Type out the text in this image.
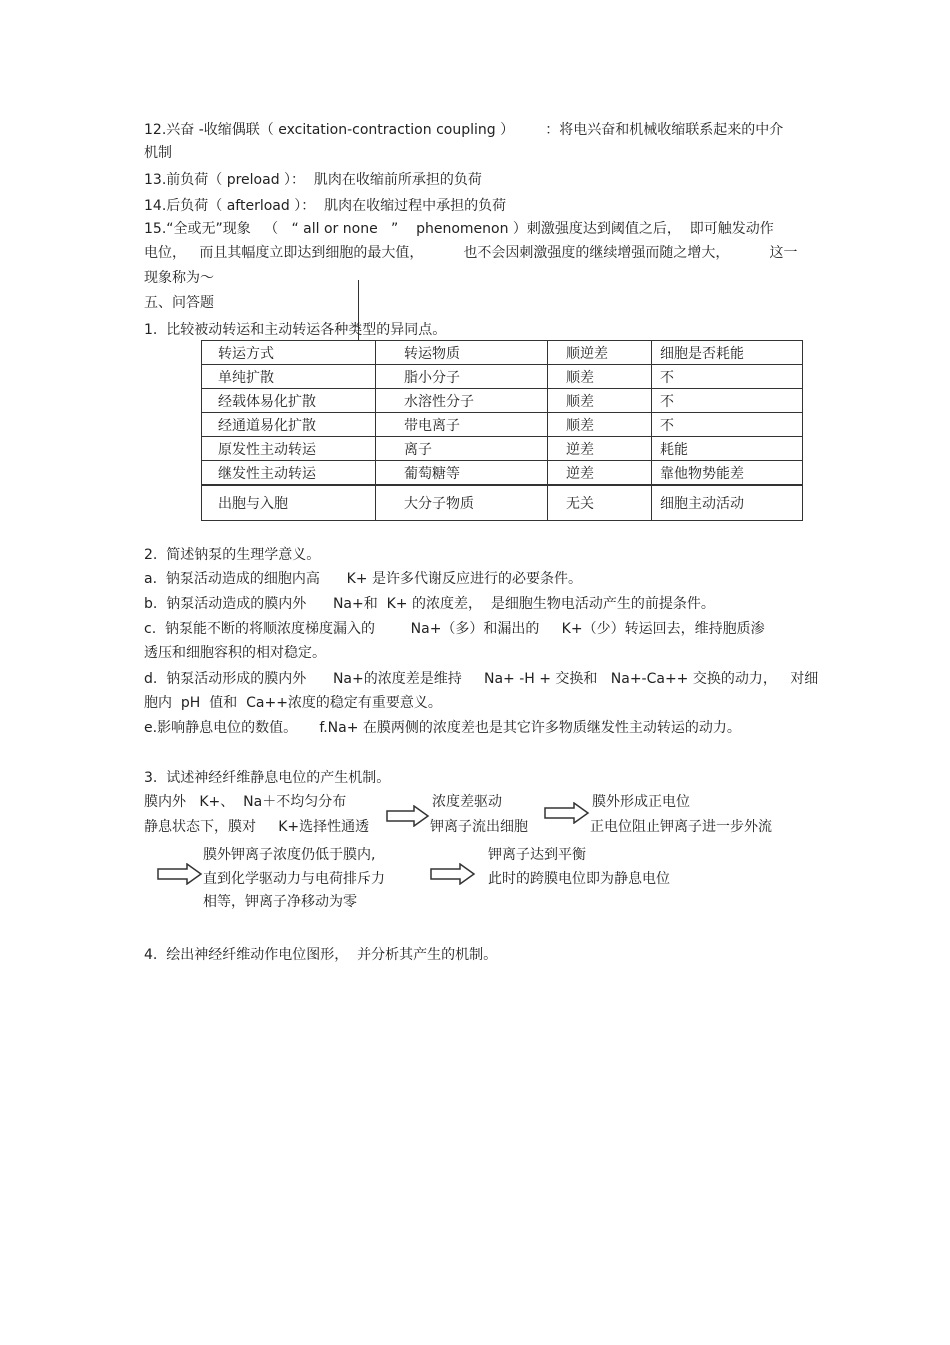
12.兴奋 -收缩偶联（ excitation-contraction coupling ）       ：将电兴奋和机械收缩联系起来的中介
机制
13.前负荷（ preload ）：  肌肉在收缩前所承担的负荷
14.后负荷（ afterload ）：  肌肉在收缩过程中承担的负荷
15.“全或无”现象   （   “ all or none   ”    phenomenon ）刺激强度达到阈值之后，  即可触发动作
电位，   而且其幅度立即达到细胞的最大值，         也不会因刺激强度的继续增强而随之增大，         这一
现象称为～
五、问答题
1.  比较被动转运和主动转运各种类型的异同点。
转运方式	转运物质	顺逆差	细胞是否耗能
单纯扩散	脂小分子	顺差	不
经载体易化扩散	水溶性分子	顺差	不
经通道易化扩散	带电离子	顺差	不
原发性主动转运	离子	逆差	耗能
继发性主动转运	葡萄糖等	逆差	靠他物势能差
出胞与入胞	大分子物质	无关	细胞主动活动
2.  简述钠泵的生理学意义。
a.  钠泵活动造成的细胞内高      K+ 是许多代谢反应进行的必要条件。
b.  钠泵活动造成的膜内外      Na+和  K+ 的浓度差，  是细胞生物电活动产生的前提条件。
c.  钠泵能不断的将顺浓度梯度漏入的        Na+（多）和漏出的     K+（少）转运回去，维持胞质渗
透压和细胞容积的相对稳定。
d.  钠泵活动形成的膜内外      Na+的浓度差是维持     Na+ -H + 交换和   Na+-Ca++ 交换的动力，   对细
胞内  pH  值和  Ca++浓度的稳定有重要意义。
e.影响静息电位的数值。     f.Na+ 在膜两侧的浓度差也是其它许多物质继发性主动转运的动力。
3.  试述神经纤维静息电位的产生机制。
膜内外   K+、  Na＋不均匀分布
静息状态下，膜对     K+选择性通透
浓度差驱动
钾离子流出细胞
膜外形成正电位
正电位阻止钾离子进一步外流
膜外钾离子浓度仍低于膜内,
直到化学驱动力与电荷排斥力
相等，钾离子净移动为零
钾离子达到平衡
此时的跨膜电位即为静息电位
4.  绘出神经纤维动作电位图形，  并分析其产生的机制。
